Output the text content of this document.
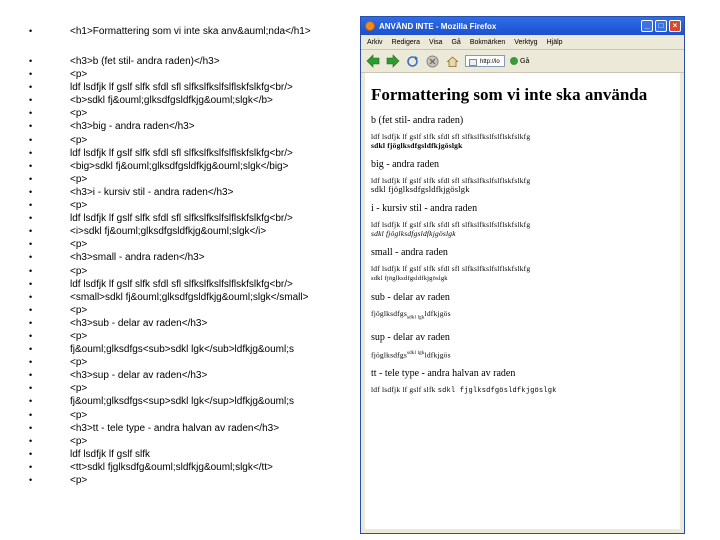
• <h1>Formattering som vi inte ska anv&auml;nda</h1>
• <h3>b (fet stil- andra raden)</h3>
• <p>
• ldf lsdfjk lf gslf slfk sfdl sfl slfkslfkslfslflskfslkfg<br/>
• <b>sdkl fj&ouml;glksdfgsldfkjg&ouml;slgk</b>
• <p>
• <h3>big - andra raden</h3>
• <p>
• ldf lsdfjk lf gslf slfk sfdl sfl slfkslfkslfslflskfslkfg<br/>
• <big>sdkl fj&ouml;glksdfgsldfkjg&ouml;slgk</big>
• <p>
• <h3>i - kursiv stil - andra raden</h3>
• <p>
• ldf lsdfjk lf gslf slfk sfdl sfl slfkslfkslfslflskfslkfg<br/>
• <i>sdkl fj&ouml;glksdfgsldfkjg&ouml;slgk</i>
• <p>
• <h3>small - andra raden</h3>
• <p>
• ldf lsdfjk lf gslf slfk sfdl sfl slfkslfkslfslflskfslkfg<br/>
• <small>sdkl fj&ouml;glksdfgsldfkjg&ouml;slgk</small>
• <p>
• <h3>sub - delar av raden</h3>
• <p>
• fj&ouml;glksdfgs<sub>sdkl lgk</sub>ldfkjg&ouml;s
• <p>
• <h3>sup - delar av raden</h3>
• <p>
• fj&ouml;glksdfgs<sup>sdkl lgk</sup>ldfkjg&ouml;s
• <p>
• <h3>tt - tele type - andra halvan av raden</h3>
• <p>
• ldf lsdfjk lf gslf slfk
• <tt>sdkl fjglksdfg&ouml;sldfkjg&ouml;slgk</tt>
• <p>
ANVÄND INTE - Mozilla Firefox	_	□	×
Arkiv Redigera Visa Gå Bokmärken Verktyg Hjälp
http://lo	Gå
Formattering som vi inte ska använda
b (fet stil- andra raden)

ldf lsdfjk lf gslf slfk sfdl sfl slfkslfkslfslflskfslkfg
sdkl fjöglksdfgsldfkjgöslgk

big - andra raden

ldf lsdfjk lf gslf slfk sfdl sfl slfkslfkslfslflskfslkfg
sdkl fjöglksdfgsldfkjgöslgk

i - kursiv stil - andra raden

ldf lsdfjk lf gslf slfk sfdl sfl slfkslfkslfslflskfslkfg
sdkl fjöglksdfgsldfkjgöslgk

small - andra raden

ldf lsdfjk lf gslf slfk sfdl sfl slfkslfkslfslflskfslkfg
sdkl fjöglksdfgsldfkjgöslgk

sub - delar av raden

fjöglksdfgs$_{sdkl lgk}$ldfkjgös

sup - delar av raden

fjöglksdfgs$^{sdkl lgk}$ldfkjgös

tt - tele type - andra halvan av raden

ldf lsdfjk lf gslf slfk sdkl fjglksdfgösldfkjgöslgk
